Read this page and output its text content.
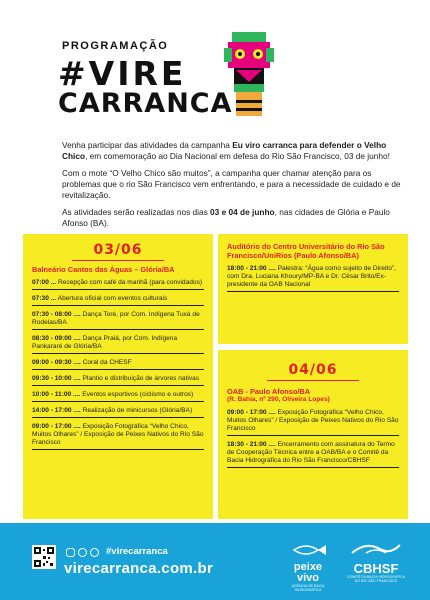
PROGRAMAÇÃO
#VIRE
CARRANCA

Venha participar das atividades da campanha Eu viro carranca para defender o Velho Chico, em comemoração ao Dia Nacional em defesa do Rio São Francisco, 03 de junho!

Com o mote “O Velho Chico são muitos”, a campanha quer chamar atenção para os problemas que o rio São Francisco vem enfrentando, e para a necessidade de cuidado e de revitalização.

As atividades serão realizadas nos dias 03 e 04 de junho, nas cidades de Glória e Paulo Afonso (BA).

03/06
Balneário Cantos das Águas – Glória/BA
07:00 ... Recepção com café da manhã (para convidados)
07:30 ... Abertura oficial com eventos culturais
07:30 - 08:00 .... Dança Toré, por Com. Indígena Tuxá de Rodelas/BA
08:30 - 09:00 .... Dança Praiá, por Com. Indígena Pankararé de Glória/BA
09:00 - 09:30 .... Coral da CHESF
09:30 - 10:00 .... Plantio e distribuição de árvores nativas
10:00 - 11:00 .... Eventos esportivos (ciclismo e outros)
14:00 - 17:00 .... Realização de minicursos (Glória/BA)
09:00 - 17:00 .... Exposição Fotográfica “Velho Chico, Muitos Olhares” / Exposição de Peixes Nativos do Rio São Francisco
Auditório do Centro Universitário do Rio São Francisco/UniRios (Paulo Afonso/BA)
18:00 - 21:00 .... Palestra: “Água como sujeito de Direito”, com Dra. Luciana Khoury/MP-BA e Dr. César Brito/Ex-presidente da OAB Nacional
04/06
OAB - Paulo Afonso/BA
(R. Bahia, nº 290, Oliveira Lopes)
09:00 - 17:00 .... Exposição Fotográfica “Velho Chico, Muitos Olhares” / Exposição de Peixes Nativos do Rio São Francisco
18:30 - 21:00 .... Encerramento com assinatura do Termo de Cooperação Técnica entre a OAB/BA e o Comitê da Bacia Hidrográfica do Rio São Francisco/CBHSF
#virecarranca
virecarranca.com.br	peixe vivo
AGÊNCIA DE BACIA HIDROGRÁFICA
CBHSF
COMITÊ DA BACIA HIDROGRÁFICA DO RIO SÃO FRANCISCO
